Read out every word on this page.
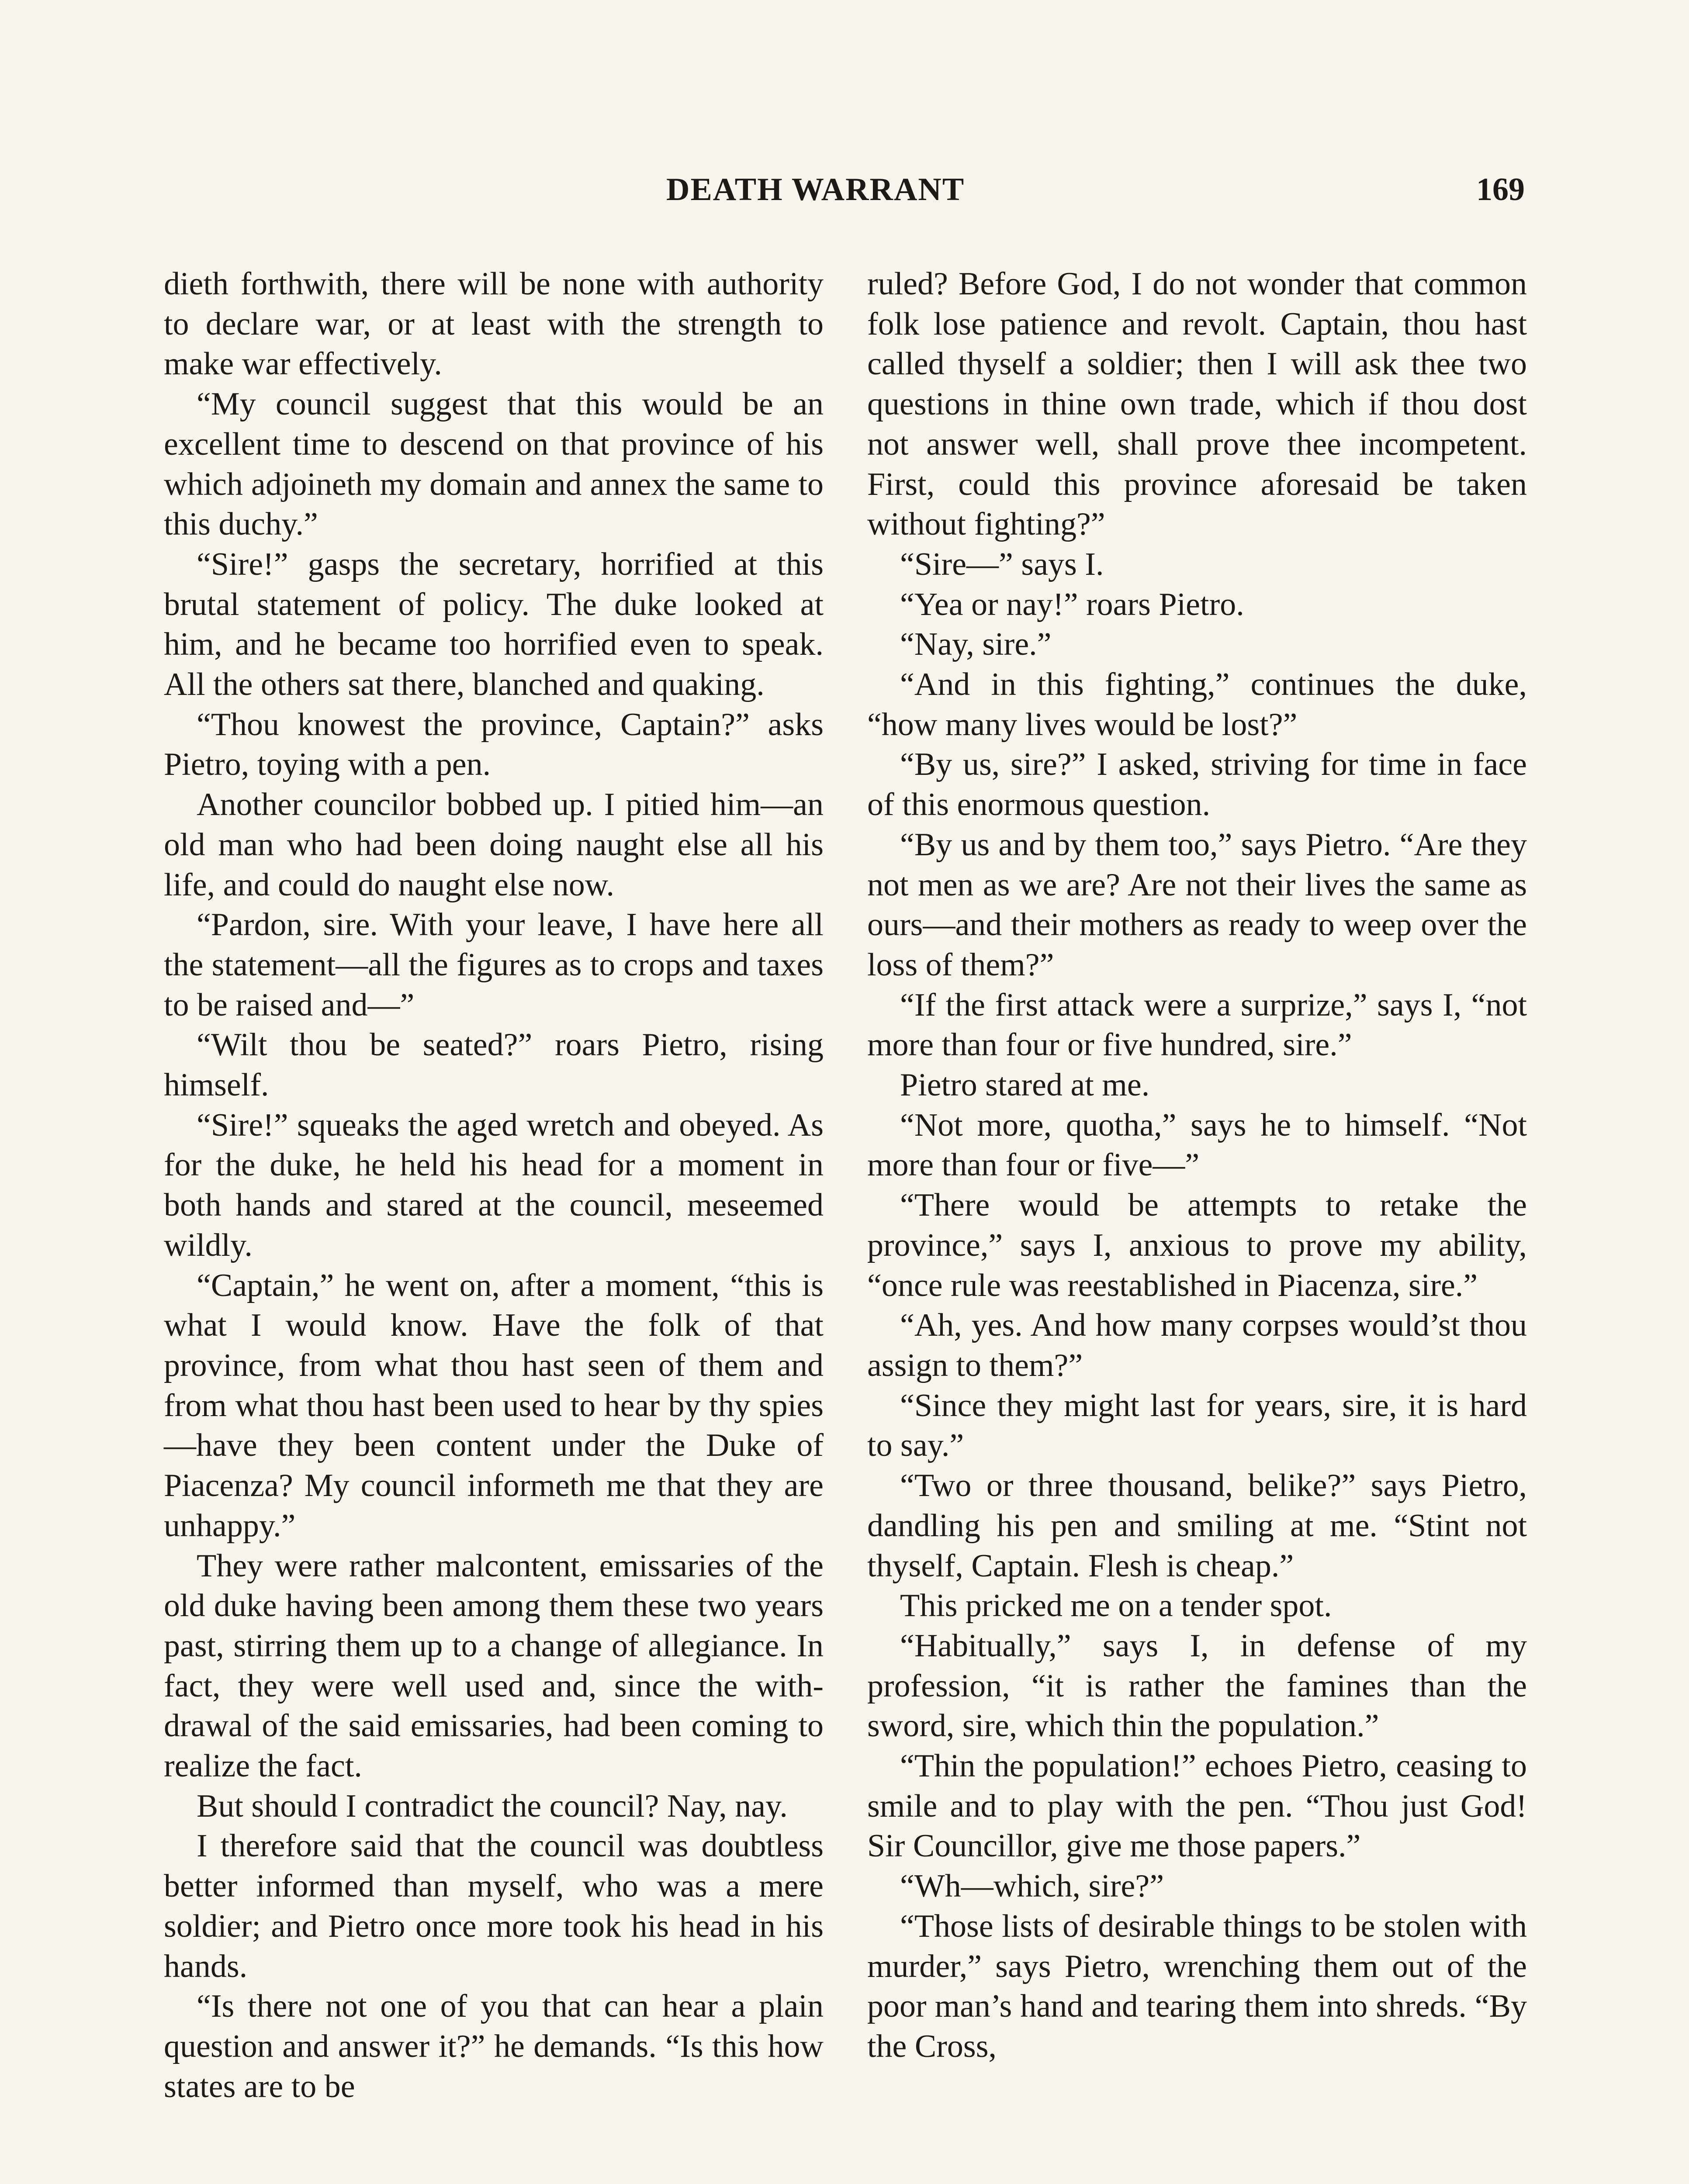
DEATH WARRANT	169

dieth forthwith, there will be none with authority to declare war, or at least with the strength to make war effectively.

“My council suggest that this would be an excellent time to descend on that province of his which adjoineth my domain and annex the same to this duchy.”

“Sire!” gasps the secretary, horrified at this brutal statement of policy. The duke looked at him, and he became too horrified even to speak. All the others sat there, blanched and quaking.

“Thou knowest the province, Captain?” asks Pietro, toying with a pen.

Another councilor bobbed up. I pitied him—an old man who had been doing naught else all his life, and could do naught else now.

“Pardon, sire. With your leave, I have here all the statement—all the figures as to crops and taxes to be raised and—”

“Wilt thou be seated?” roars Pietro, rising himself.

“Sire!” squeaks the aged wretch and obeyed. As for the duke, he held his head for a moment in both hands and stared at the council, meseemed wildly.

“Captain,” he went on, after a moment, “this is what I would know. Have the folk of that province, from what thou hast seen of them and from what thou hast been used to hear by thy spies—have they been content under the Duke of Piacenza? My council informeth me that they are unhappy.”

They were rather malcontent, emissaries of the old duke having been among them these two years past, stirring them up to a change of allegiance. In fact, they were well used and, since the withdrawal of the said emissaries, had been coming to realize the fact.

But should I contradict the council? Nay, nay.

I therefore said that the council was doubtless better informed than myself, who was a mere soldier; and Pietro once more took his head in his hands.

“Is there not one of you that can hear a plain question and answer it?” he demands. “Is this how states are to be

ruled? Before God, I do not wonder that common folk lose patience and revolt. Captain, thou hast called thyself a soldier; then I will ask thee two questions in thine own trade, which if thou dost not answer well, shall prove thee incompetent. First, could this province aforesaid be taken without fighting?”

“Sire—” says I.

“Yea or nay!” roars Pietro.

“Nay, sire.”

“And in this fighting,” continues the duke, “how many lives would be lost?”

“By us, sire?” I asked, striving for time in face of this enormous question.

“By us and by them too,” says Pietro. “Are they not men as we are? Are not their lives the same as ours—and their mothers as ready to weep over the loss of them?”

“If the first attack were a surprize,” says I, “not more than four or five hundred, sire.”

Pietro stared at me.

“Not more, quotha,” says he to himself. “Not more than four or five—”

“There would be attempts to retake the province,” says I, anxious to prove my ability, “once rule was reestablished in Piacenza, sire.”

“Ah, yes. And how many corpses would’st thou assign to them?”

“Since they might last for years, sire, it is hard to say.”

“Two or three thousand, belike?” says Pietro, dandling his pen and smiling at me. “Stint not thyself, Captain. Flesh is cheap.”

This pricked me on a tender spot.

“Habitually,” says I, in defense of my profession, “it is rather the famines than the sword, sire, which thin the population.”

“Thin the population!” echoes Pietro, ceasing to smile and to play with the pen. “Thou just God! Sir Councillor, give me those papers.”

“Wh—which, sire?”

“Those lists of desirable things to be stolen with murder,” says Pietro, wrenching them out of the poor man’s hand and tearing them into shreds. “By the Cross,
